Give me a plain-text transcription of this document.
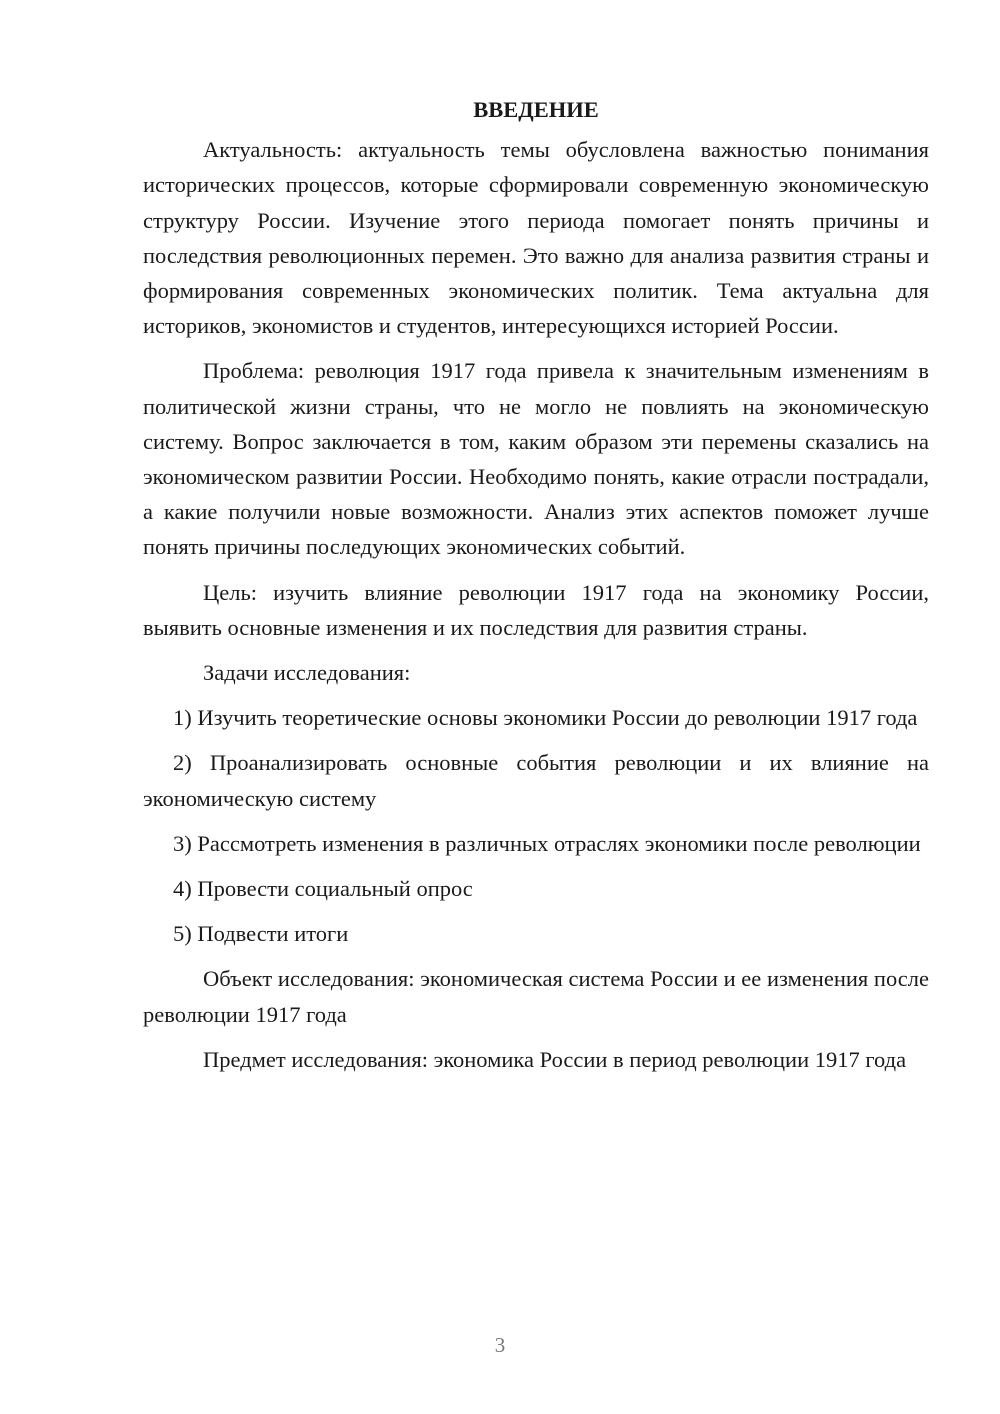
ВВЕДЕНИЕ

Актуальность: актуальность темы обусловлена важностью понимания исторических процессов, которые сформировали современную экономическую структуру России. Изучение этого периода помогает понять причины и последствия революционных перемен. Это важно для анализа развития страны и формирования современных экономических политик. Тема актуальна для историков, экономистов и студентов, интересующихся историей России.

Проблема: революция 1917 года привела к значительным изменениям в политической жизни страны, что не могло не повлиять на экономическую систему. Вопрос заключается в том, каким образом эти перемены сказались на экономическом развитии России. Необходимо понять, какие отрасли пострадали, а какие получили новые возможности. Анализ этих аспектов поможет лучше понять причины последующих экономических событий.

Цель: изучить влияние революции 1917 года на экономику России, выявить основные изменения и их последствия для развития страны.

Задачи исследования:

1) Изучить теоретические основы экономики России до революции 1917 года

2) Проанализировать основные события революции и их влияние на экономическую систему

3) Рассмотреть изменения в различных отраслях экономики после революции

4) Провести социальный опрос

5) Подвести итоги

Объект исследования: экономическая система России и ее изменения после революции 1917 года

Предмет исследования: экономика России в период революции 1917 года

3
